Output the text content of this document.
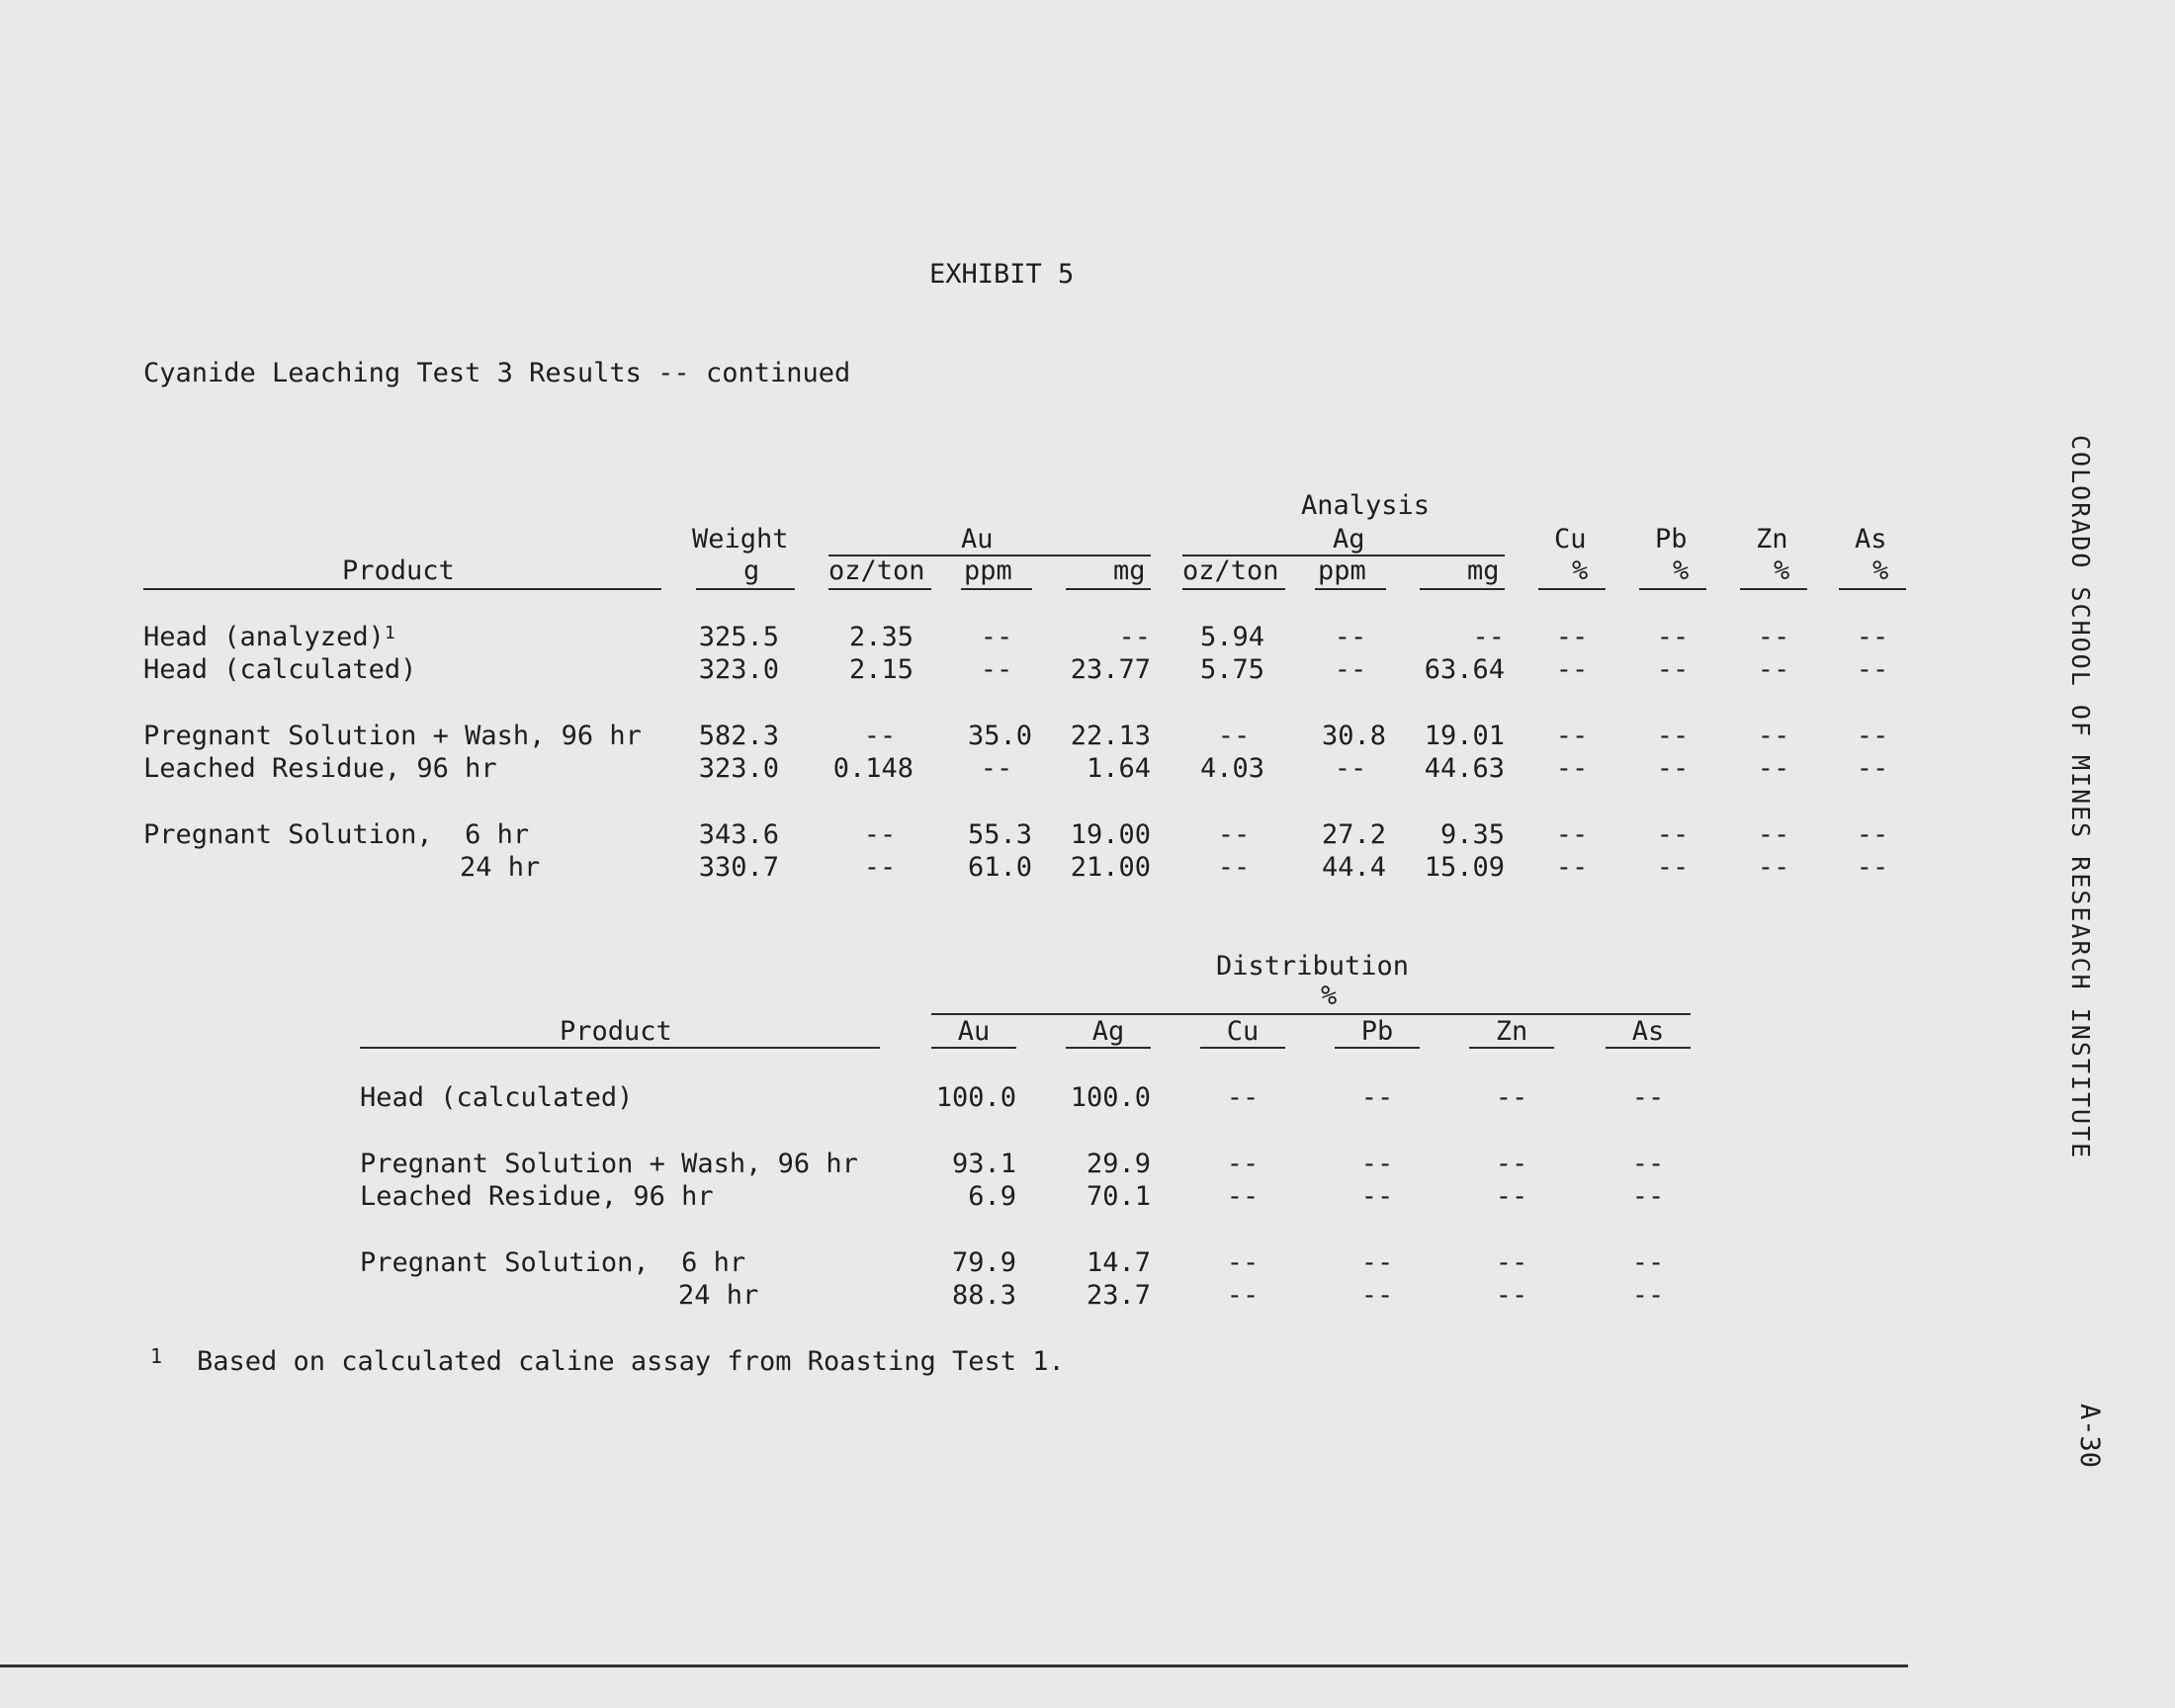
EXHIBIT 5
Cyanide Leaching Test 3 Results -- continued
Analysis
Weight	Au	Ag	Cu	Pb	Zn As
Product	g	oz/ton ppm	mg oz/ton ppm	mg	%	%	%	%
Head (analyzed)$^1$	325.5	2.35	--	-- 5.94	--	--	--	--	--	--
Head (calculated)	323.0	2.15	--	23.77 5.75	--	63.64	--	--	--	--
Pregnant Solution + Wash, 96 hr 582.3	--	35.0 22.13	--	30.8 19.01	--	--	--	--
Leached Residue, 96 hr	323.0 0.148	--	1.64 4.03	--	44.63	--	--	--	--
Pregnant Solution,  6 hr	343.6	--	55.3 19.00	--	27.2	9.35	--	--	--	--
24 hr	330.7	--	61.0 21.00	--	44.4 15.09	--	--	--	--
Distribution
%
Product	Au	Ag	Cu	Pb	Zn	As
Head (calculated)	100.0 100.0	--	--	--	--
Pregnant Solution + Wash, 96 hr	93.1	29.9	--	--	--	--
Leached Residue, 96 hr	6.9	70.1	--	--	--	--
Pregnant Solution,  6 hr	79.9	14.7	--	--	--	--
24 hr	88.3	23.7	--	--	--	--
1 Based on calculated caline assay from Roasting Test 1.
COLORADO SCHOOL OF MINES RESEARCH INSTITUTE
A-30
